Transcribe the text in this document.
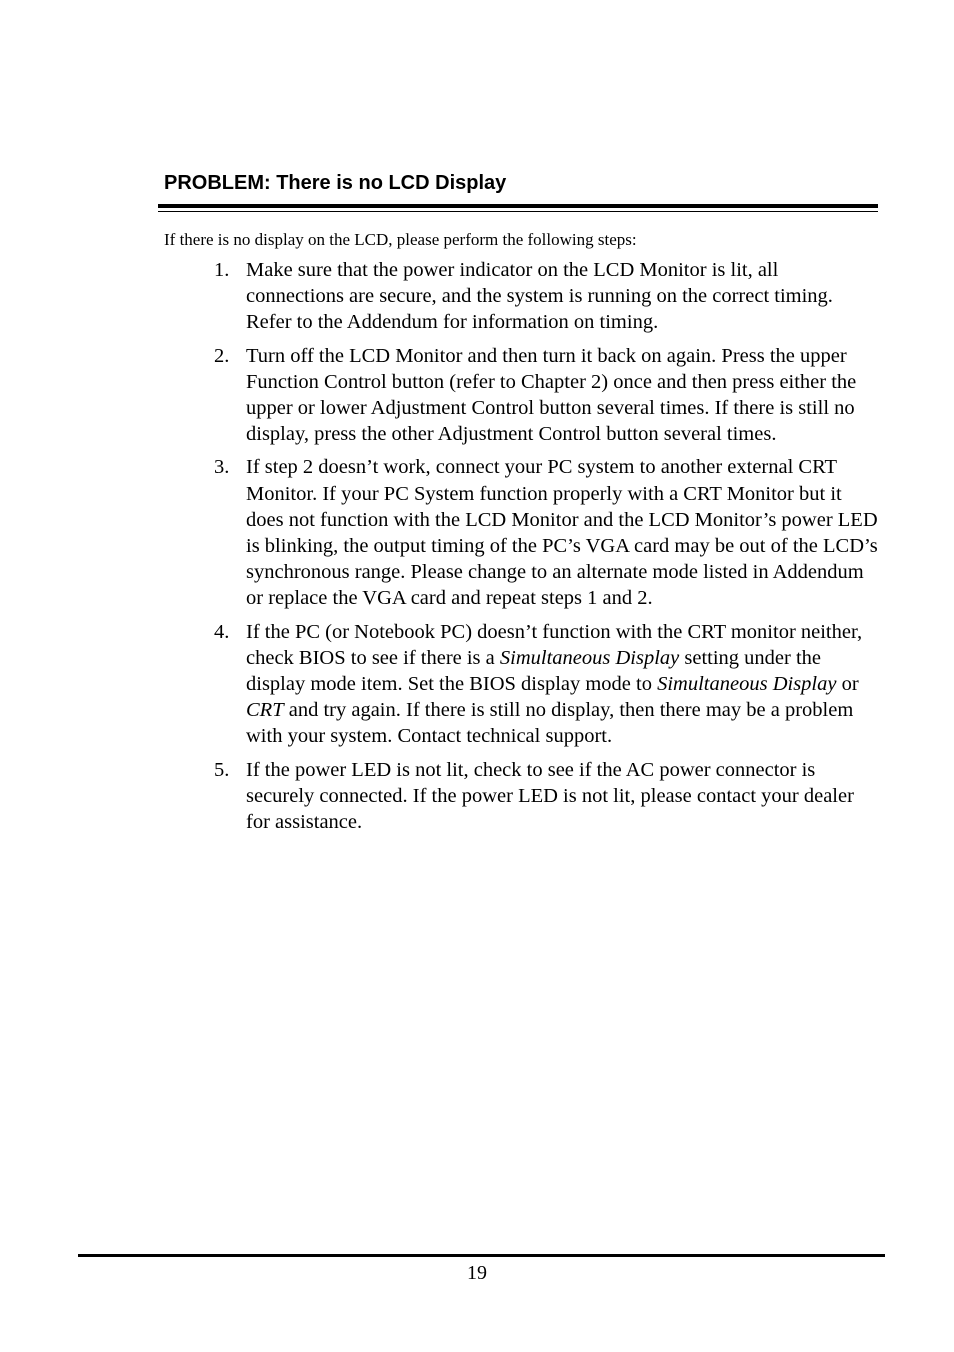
PROBLEM: There is no LCD Display
If there is no display on the LCD, please perform the following steps:
1. Make sure that the power indicator on the LCD Monitor is lit, all connections are secure, and the system is running on the correct timing. Refer to the Addendum for information on timing.
2. Turn off the LCD Monitor and then turn it back on again. Press the upper Function Control button (refer to Chapter 2) once and then press either the upper or lower Adjustment Control button several times. If there is still no display, press the other Adjustment Control button several times.
3. If step 2 doesn’t work, connect your PC system to another external CRT Monitor. If your PC System function properly with a CRT Monitor but it does not function with the LCD Monitor and the LCD Monitor’s power LED is blinking, the output timing of the PC’s VGA card may be out of the LCD’s synchronous range. Please change to an alternate mode listed in Addendum or replace the VGA card and repeat steps 1 and 2.
4. If the PC (or Notebook PC) doesn’t function with the CRT monitor neither, check BIOS to see if there is a Simultaneous Display setting under the display mode item. Set the BIOS display mode to Simultaneous Display or CRT and try again. If there is still no display, then there may be a problem with your system. Contact technical support.
5. If the power LED is not lit, check to see if the AC power connector is securely connected. If the power LED is not lit, please contact your dealer for assistance.
19
